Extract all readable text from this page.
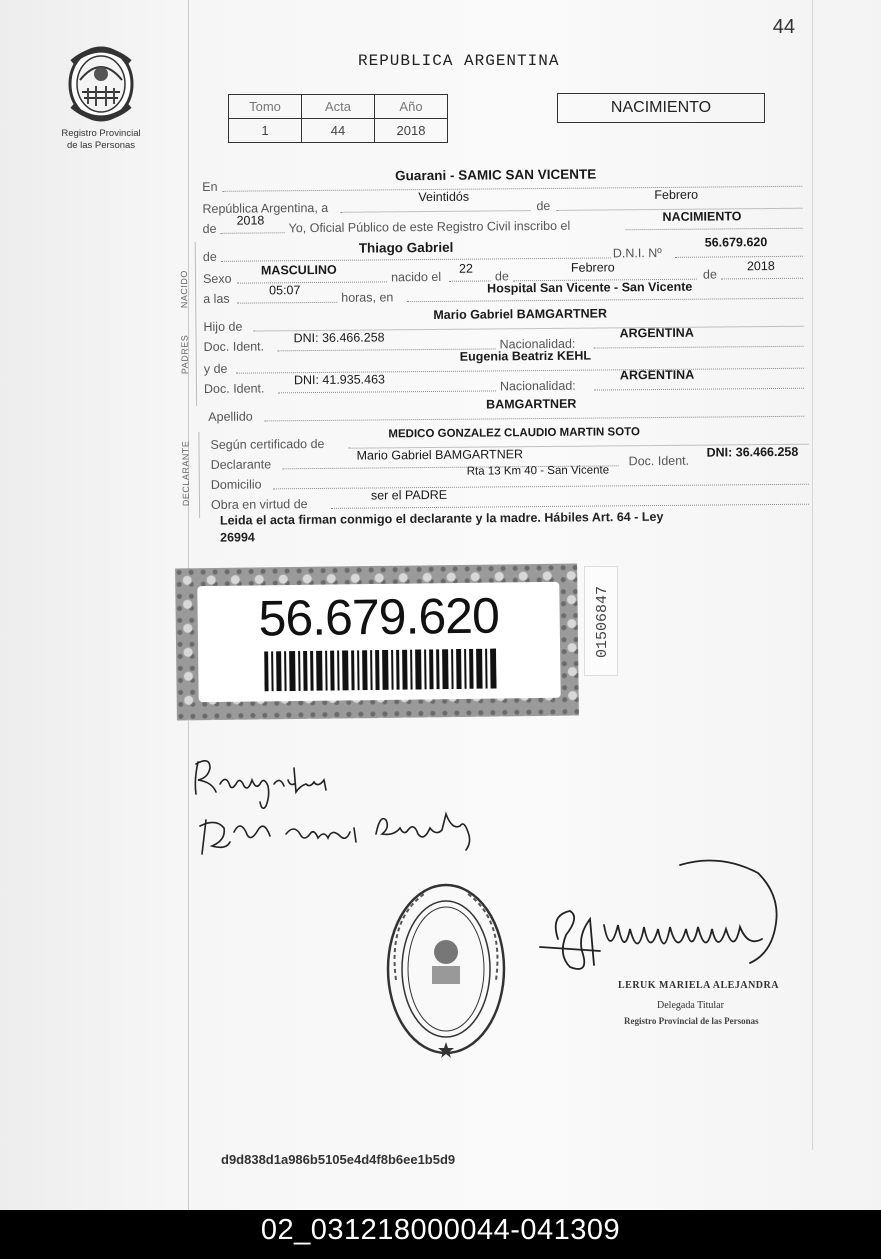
44
Registro Provincial
de las Personas
REPUBLICA ARGENTINA
Tomo	Acta	Año
1	44	2018
NACIMIENTO
En
Guarani - SAMIC SAN VICENTE
República Argentina, a
Veintidós
de
Febrero
de
2018 Yo, Oficial Público de este Registro Civil inscribo el
NACIMIENTO
NACIDO
de
Thiago Gabriel	D.N.I. Nº
56.679.620
Sexo
MASCULINO	nacido el
22
de
Febrero	de
2018
a las
05:07
horas, en
Hospital San Vicente - San Vicente
PADRES
Hijo de
Mario Gabriel BAMGARTNER
Doc. Ident.
DNI: 36.466.258	Nacionalidad:
ARGENTINA
y de
Eugenia Beatriz KEHL
Doc. Ident.
DNI: 41.935.463	Nacionalidad:
ARGENTINA
Apellido
BAMGARTNER
DECLARANTE Según certificado de
MEDICO GONZALEZ CLAUDIO MARTIN SOTO
Declarante
Mario Gabriel BAMGARTNER	Doc. Ident.
DNI: 36.466.258
Domicilio
Rta 13 Km 40 - San Vicente
Obra en virtud de
ser el PADRE
Leida el acta firman conmigo el declarante y la madre. Hábiles Art. 64 - Ley
26994
56.679.620	01506847
LERUK MARIELA ALEJANDRA
Delegada Titular
Registro Provincial de las Personas
d9d838d1a986b5105e4d4f8b6ee1b5d9
02_031218000044-041309
